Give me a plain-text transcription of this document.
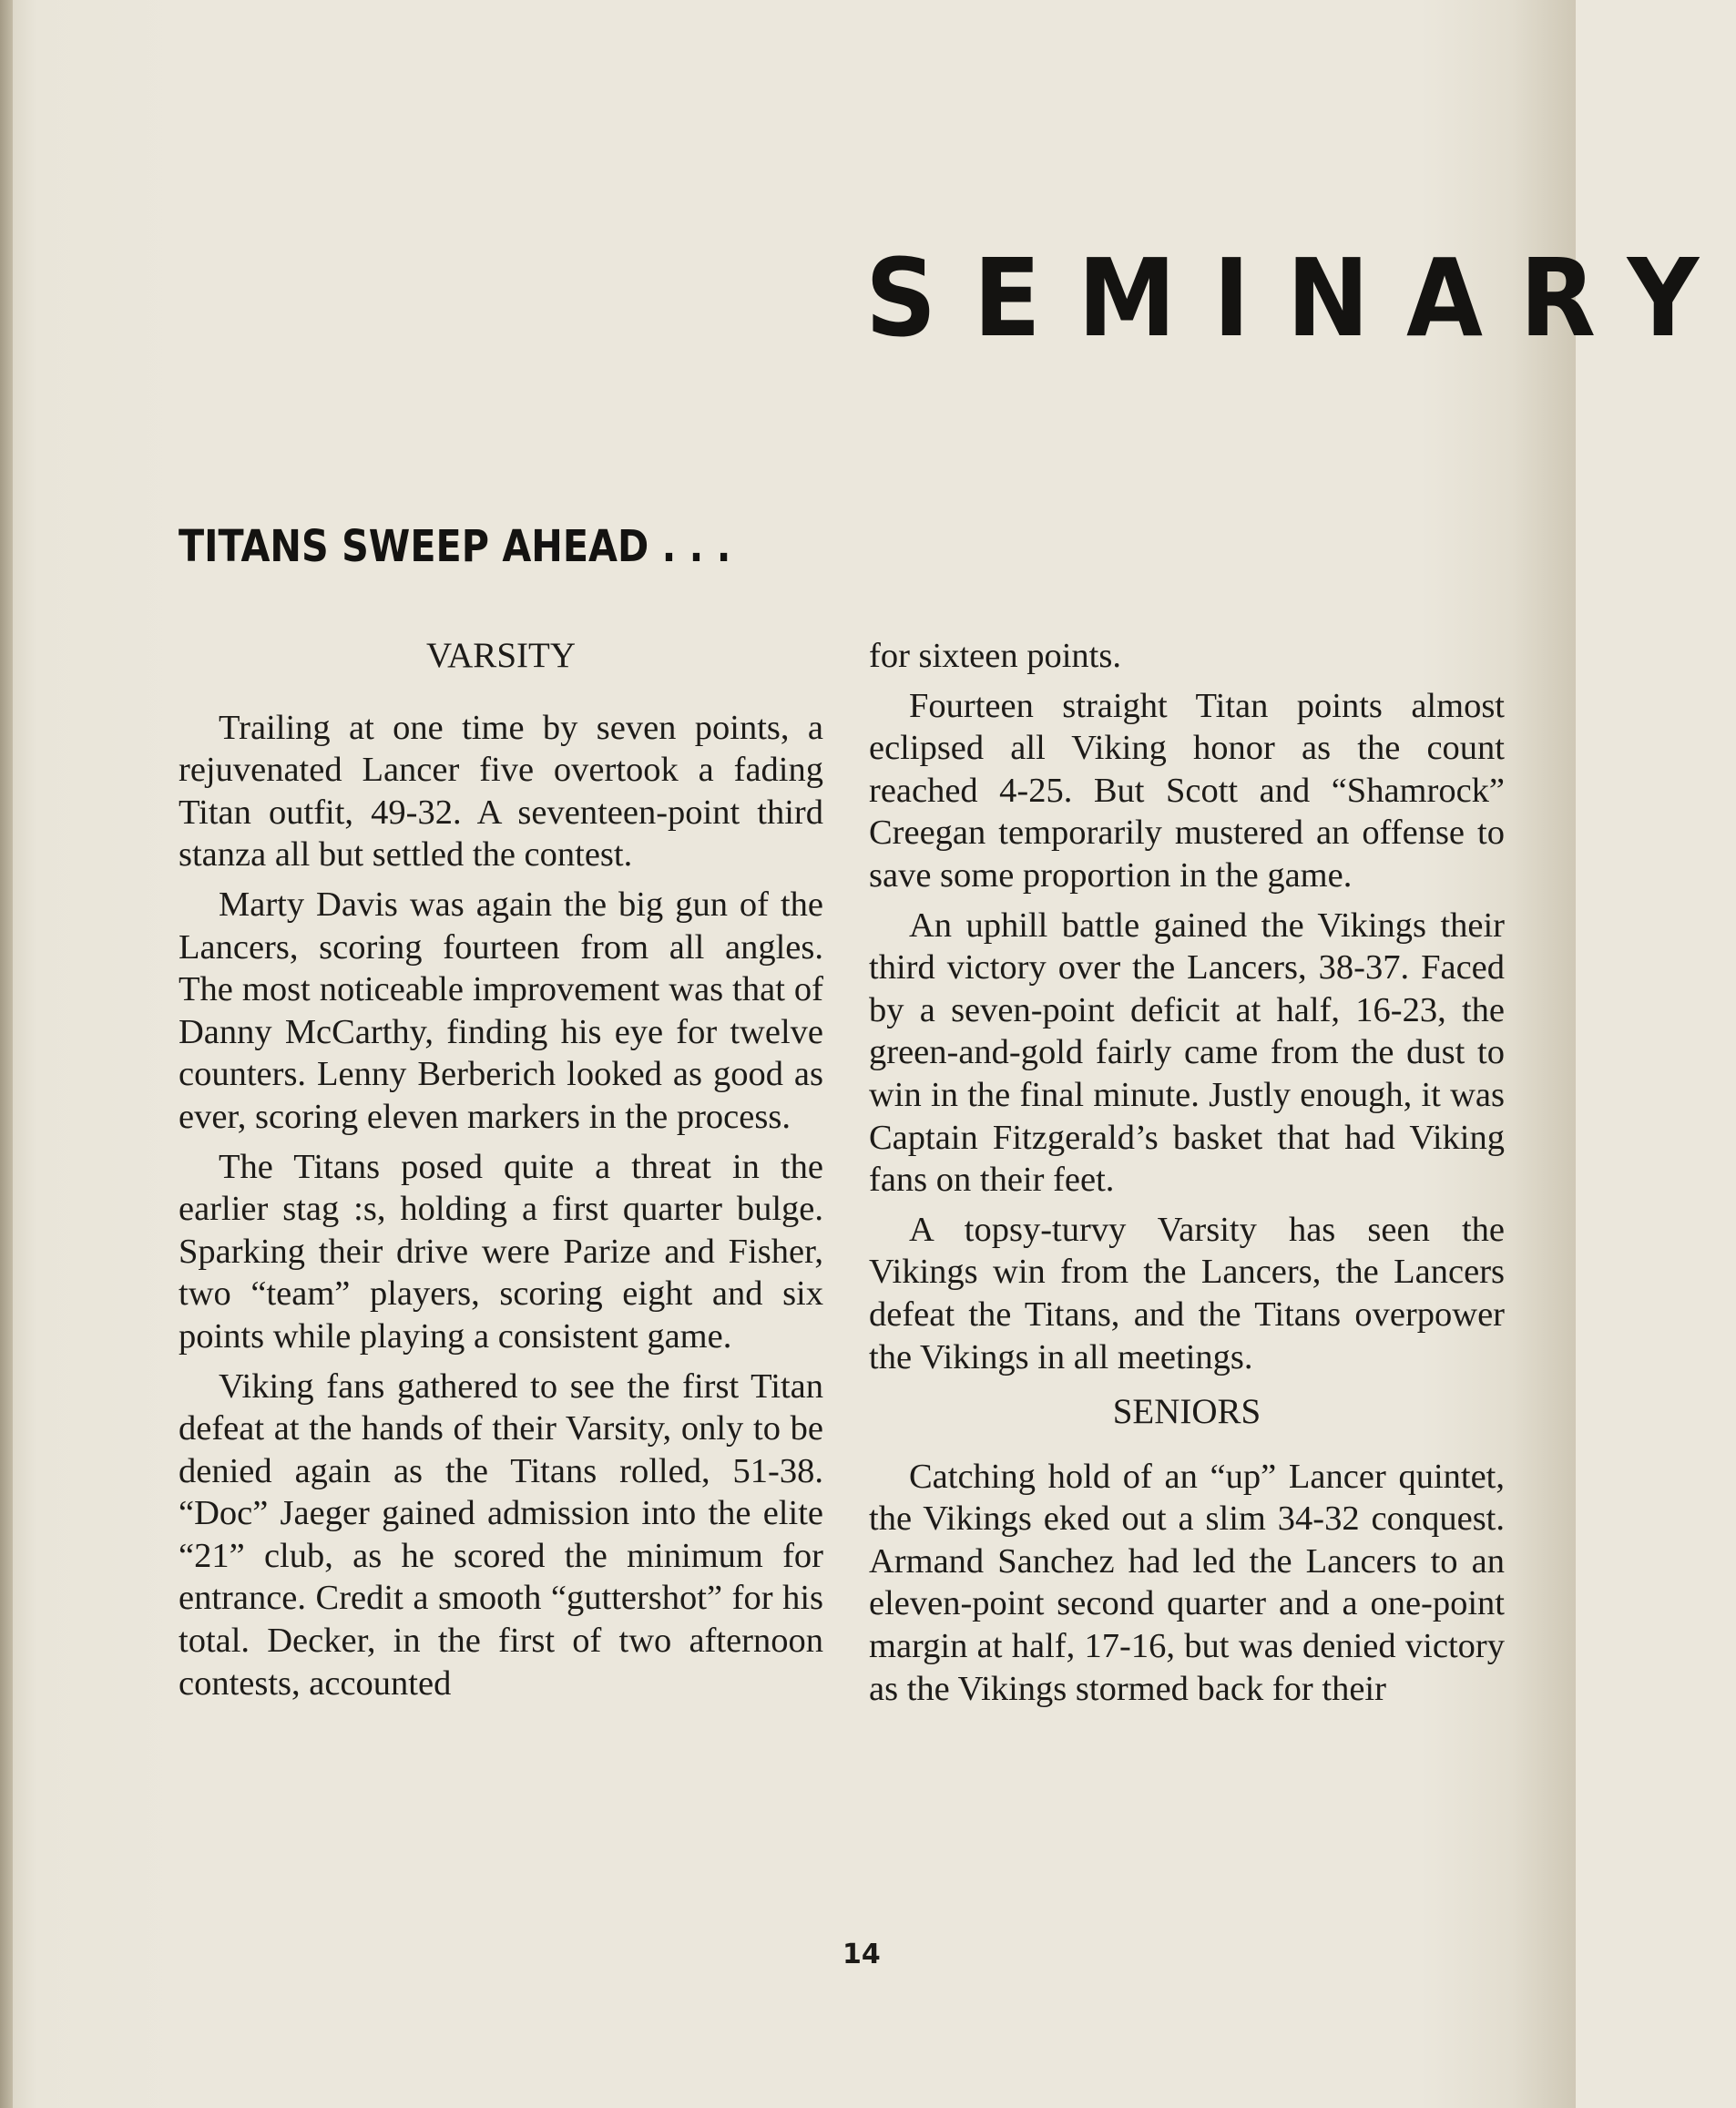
SEMINARY
TITANS SWEEP AHEAD . . .
VARSITY

Trailing at one time by seven points, a rejuvenated Lancer five overtook a fading Titan outfit, 49-32. A seventeen-point third stanza all but settled the contest.

Marty Davis was again the big gun of the Lancers, scoring fourteen from all angles. The most noticeable improvement was that of Danny McCarthy, finding his eye for twelve counters. Lenny Berberich looked as good as ever, scoring eleven markers in the process.

The Titans posed quite a threat in the earlier stag :s, holding a first quarter bulge. Sparking their drive were Parize and Fisher, two “team” players, scoring eight and six points while playing a consistent game.

Viking fans gathered to see the first Titan defeat at the hands of their Varsity, only to be denied again as the Titans rolled, 51-38. “Doc” Jaeger gained admission into the elite “21” club, as he scored the minimum for entrance. Credit a smooth “guttershot” for his total. Decker, in the first of two afternoon contests, accounted

for sixteen points.

Fourteen straight Titan points almost eclipsed all Viking honor as the count reached 4-25. But Scott and “Shamrock” Creegan temporarily mustered an offense to save some proportion in the game.

An uphill battle gained the Vikings their third victory over the Lancers, 38-37. Faced by a seven-point deficit at half, 16-23, the green-and-gold fairly came from the dust to win in the final minute. Justly enough, it was Captain Fitzgerald’s basket that had Viking fans on their feet.

A topsy-turvy Varsity has seen the Vikings win from the Lancers, the Lancers defeat the Titans, and the Titans overpower the Vikings in all meetings.

SENIORS

Catching hold of an “up” Lancer quintet, the Vikings eked out a slim 34-32 conquest. Armand Sanchez had led the Lancers to an eleven-point second quarter and a one-point margin at half, 17-16, but was denied victory as the Vikings stormed back for their

14
